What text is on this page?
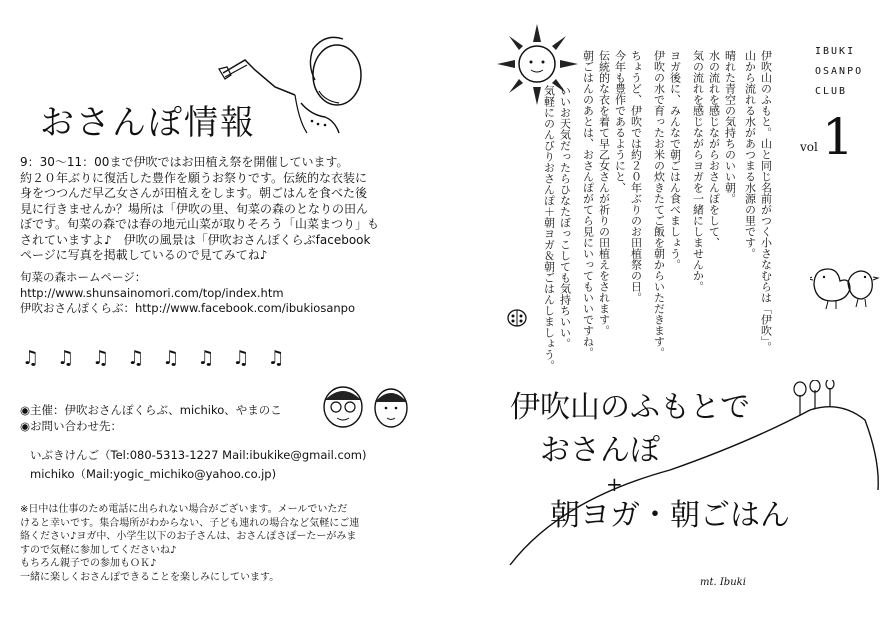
おさんぽ情報

9：30～11：00まで伊吹ではお田植え祭を開催しています。

約２０年ぶりに復活した豊作を願うお祭りです。伝統的な衣装に

身をつつんだ早乙女さんが田植えをします。朝ごはんを食べた後

見に行きませんか？場所は「伊吹の里、旬菜の森のとなりの田ん

ぼです。旬菜の森では春の地元山菜が取りそろう「山菜まつり」も

されていますよ♪　伊吹の風景は「伊吹おさんぽくらぶfacebook

ページに写真を掲載しているので見てみてね♪

旬菜の森ホームページ：
http://www.shunsainomori.com/top/index.htm
伊吹おさんぽくらぶ：http://www.facebook.com/ibukiosanpo
♫ ♫ ♫ ♫ ♫ ♫ ♫ ♫
◉主催：伊吹おさんぽくらぶ、michiko、やまのこ
◉お問い合わせ先：
いぶきけんご（Tel:080-5313-1227 Mail:ibukike@gmail.com)
michiko（Mail:yogic_michiko@yahoo.co.jp)

※日中は仕事のため電話に出られない場合がございます。メールでいただ

けると幸いです。集合場所がわからない、子ども連れの場合など気軽にご連

絡ください♪ヨガ中、小学生以下のお子さんは、おさんぽさぽーたーがみま

すので気軽に参加してくださいね♪

もちろん親子での参加もＯＫ♪

一緒に楽しくおさんぽできることを楽しみにしています。

伊吹山のふもと。山と同じ名前がつく小さなむらは「伊吹」。
山から流れる水があつまる水源の里です。
晴れた青空の気持ちのいい朝。
水の流れを感じながらおさんぽをして、
気の流れを感じながらヨガを一緒にしませんか。
ヨガ後に、みんなで朝ごはん食べましょう。
伊吹の水で育ったお米の炊きたてご飯を朝からいただきます。
ちょうど、伊吹では約２０年ぶりのお田植祭の日。
今年も豊作であるようにと、
伝統的な衣を着て早乙女さんが祈りの田植えをされます。
朝ごはんのあとは、おさんぽがてら見にいってもいいですね。
いいお天気だったらひなたぼっこしても気持ちいい。
気軽にのんびりおさんぽ＋朝ヨガ＆朝ごはんしましょう。
IBUKI
OSANPO
CLUB
vol 1
伊吹山のふもとで
おさんぽ
+
朝ヨガ・朝ごはん
mt. Ibuki
